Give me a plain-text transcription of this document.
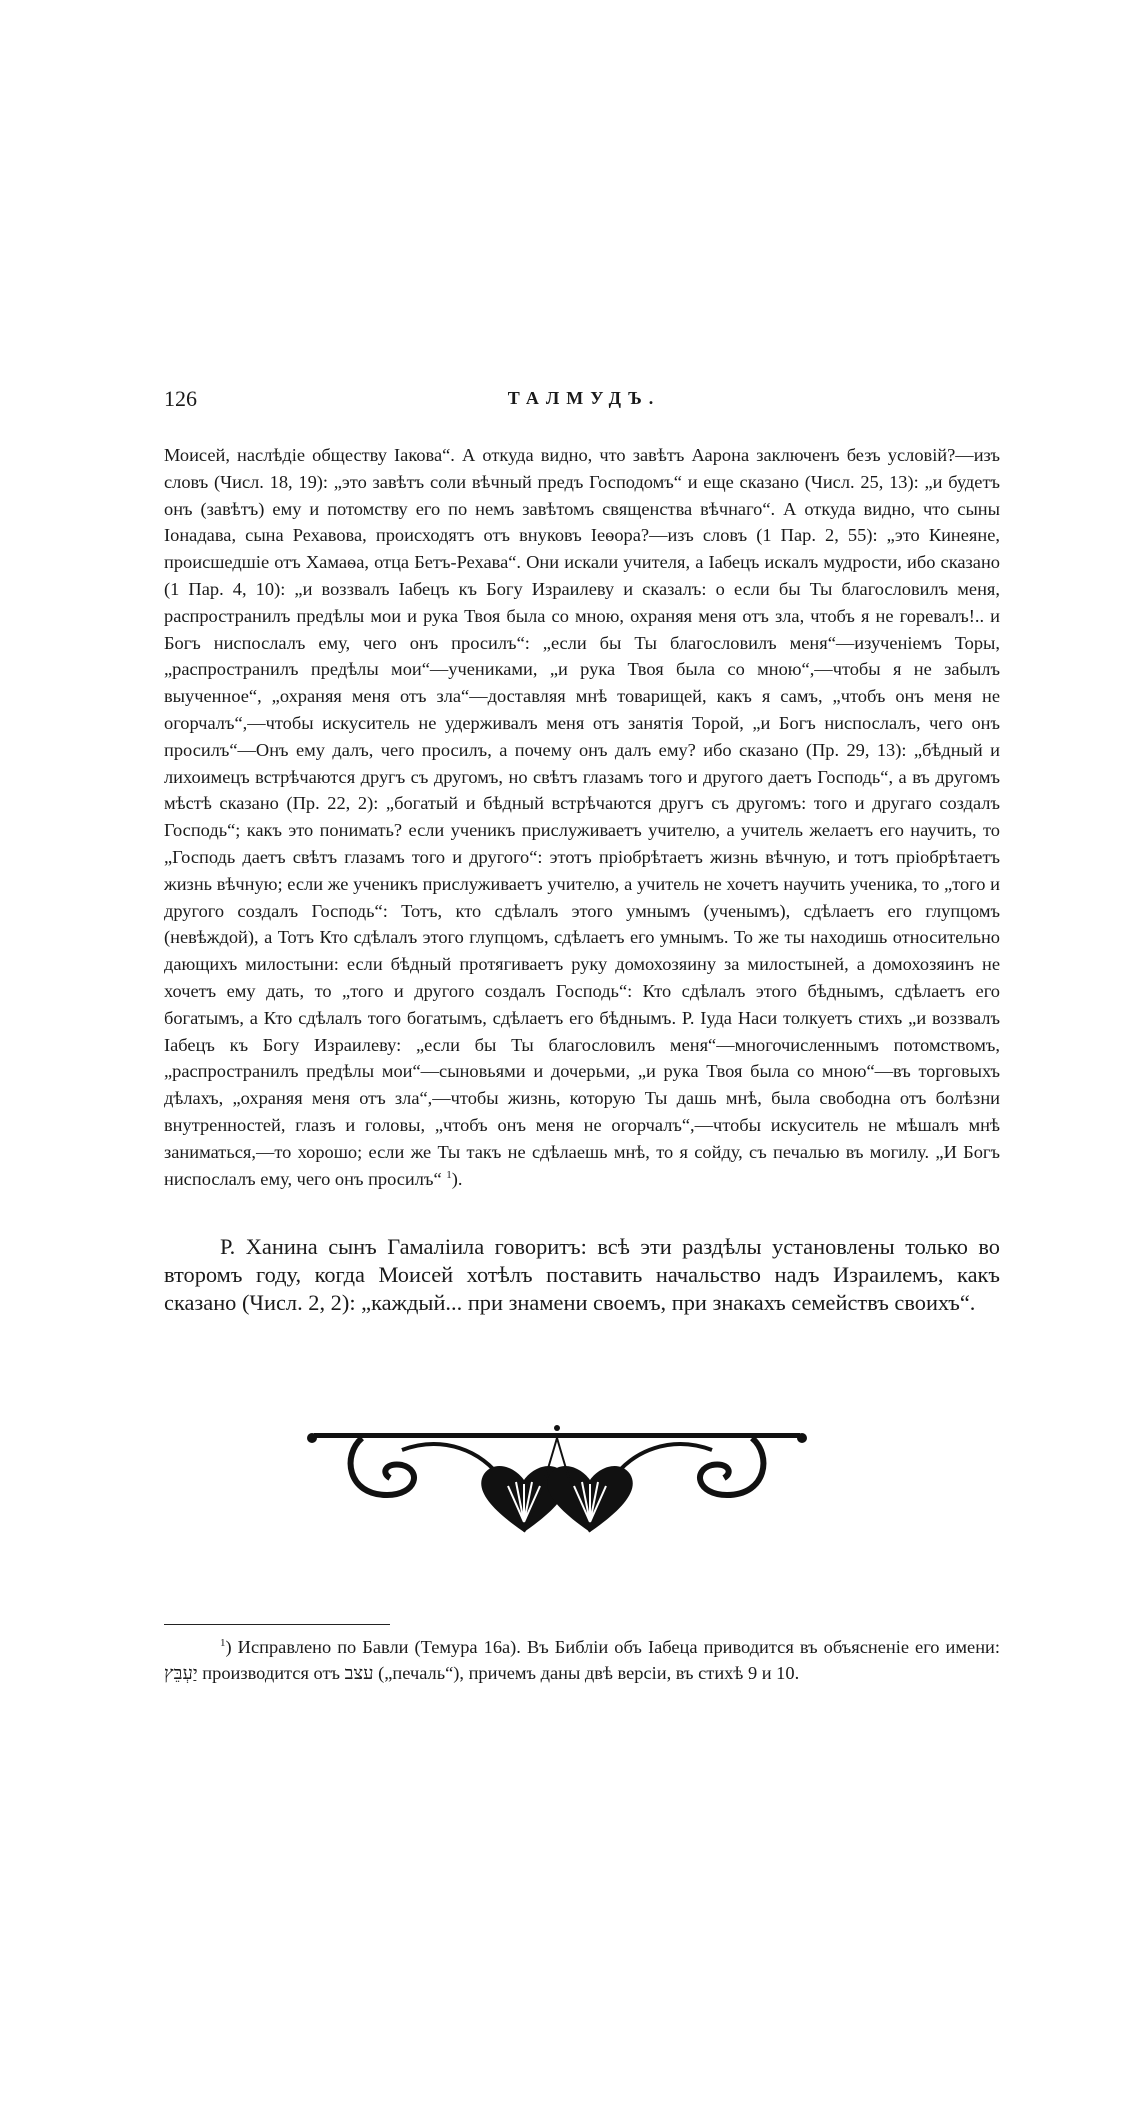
126	ТАЛМУДЪ.

Моисей, наслѣдіе обществу Іакова“. А откуда видно, что завѣтъ Аарона заключенъ безъ условій?—изъ словъ (Числ. 18, 19): „это завѣтъ соли вѣчный предъ Господомъ“ и еще сказано (Числ. 25, 13): „и будетъ онъ (завѣтъ) ему и потомству его по немъ завѣтомъ священства вѣчнаго“. А откуда видно, что сыны Іонадава, сына Рехавова, происходятъ отъ внуковъ Іеѳора?—изъ словъ (1 Пар. 2, 55): „это Кинеяне, происшедшіе отъ Хамаѳа, отца Бетъ-Рехава“. Они искали учителя, а Іабецъ искалъ мудрости, ибо сказано (1 Пар. 4, 10): „и воззвалъ Іабецъ къ Богу Израилеву и сказалъ: о если бы Ты благословилъ меня, распространилъ предѣлы мои и рука Твоя была со мною, охраняя меня отъ зла, чтобъ я не горевалъ!.. и Богъ ниспослалъ ему, чего онъ просилъ“: „если бы Ты благословилъ меня“—изученіемъ Торы, „распространилъ предѣлы мои“—учениками, „и рука Твоя была со мною“,—чтобы я не забылъ выученное“, „охраняя меня отъ зла“—доставляя мнѣ товарищей, какъ я самъ, „чтобъ онъ меня не огорчалъ“,—чтобы искуситель не удерживалъ меня отъ занятія Торой, „и Богъ ниспослалъ, чего онъ просилъ“—Онъ ему далъ, чего просилъ, а почему онъ далъ ему? ибо сказано (Пр. 29, 13): „бѣдный и лихоимецъ встрѣчаются другъ съ другомъ, но свѣтъ глазамъ того и другого даетъ Господь“, а въ другомъ мѣстѣ сказано (Пр. 22, 2): „богатый и бѣдный встрѣчаются другъ съ другомъ: того и другаго создалъ Господь“; какъ это понимать? если ученикъ прислуживаетъ учителю, а учитель желаетъ его научить, то „Господь даетъ свѣтъ глазамъ того и другого“: этотъ пріобрѣтаетъ жизнь вѣчную, и тотъ пріобрѣтаетъ жизнь вѣчную; если же ученикъ прислуживаетъ учителю, а учитель не хочетъ научить ученика, то „того и другого создалъ Господь“: Тотъ, кто сдѣлалъ этого умнымъ (ученымъ), сдѣлаетъ его глупцомъ (невѣждой), а Тотъ Кто сдѣлалъ этого глупцомъ, сдѣлаетъ его умнымъ. То же ты находишь относительно дающихъ милостыни: если бѣдный протягиваетъ руку домохозяину за милостыней, а домохозяинъ не хочетъ ему дать, то „того и другого создалъ Господь“: Кто сдѣлалъ этого бѣднымъ, сдѣлаетъ его богатымъ, а Кто сдѣлалъ того богатымъ, сдѣлаетъ его бѣднымъ. Р. Іуда Наси толкуетъ стихъ „и воззвалъ Іабецъ къ Богу Израилеву: „если бы Ты благословилъ меня“—многочисленнымъ потомствомъ, „распространилъ предѣлы мои“—сыновьями и дочерьми, „и рука Твоя была со мною“—въ торговыхъ дѣлахъ, „охраняя меня отъ зла“,—чтобы жизнь, которую Ты дашь мнѣ, была свободна отъ болѣзни внутренностей, глазъ и головы, „чтобъ онъ меня не огорчалъ“,—чтобы искуситель не мѣшалъ мнѣ заниматься,—то хорошо; если же Ты такъ не сдѣлаешь мнѣ, то я сойду, съ печалью въ могилу. „И Богъ ниспослалъ ему, чего онъ просилъ“ $^1$).

Р. Ханина сынъ Гамаліила говоритъ: всѣ эти раздѣлы установлены только во второмъ году, когда Моисей хотѣлъ поставить начальство надъ Израилемъ, какъ сказано (Числ. 2, 2): „каждый... при знамени своемъ, при знакахъ семействъ своихъ“.

$^1$) Исправлено по Бавли (Темура 16а). Въ Библіи объ Іабеца приводится въ объясненіе его имени: יַעְבֵּץ производится отъ עצב („печаль“), причемъ даны двѣ версіи, въ стихѣ 9 и 10.
